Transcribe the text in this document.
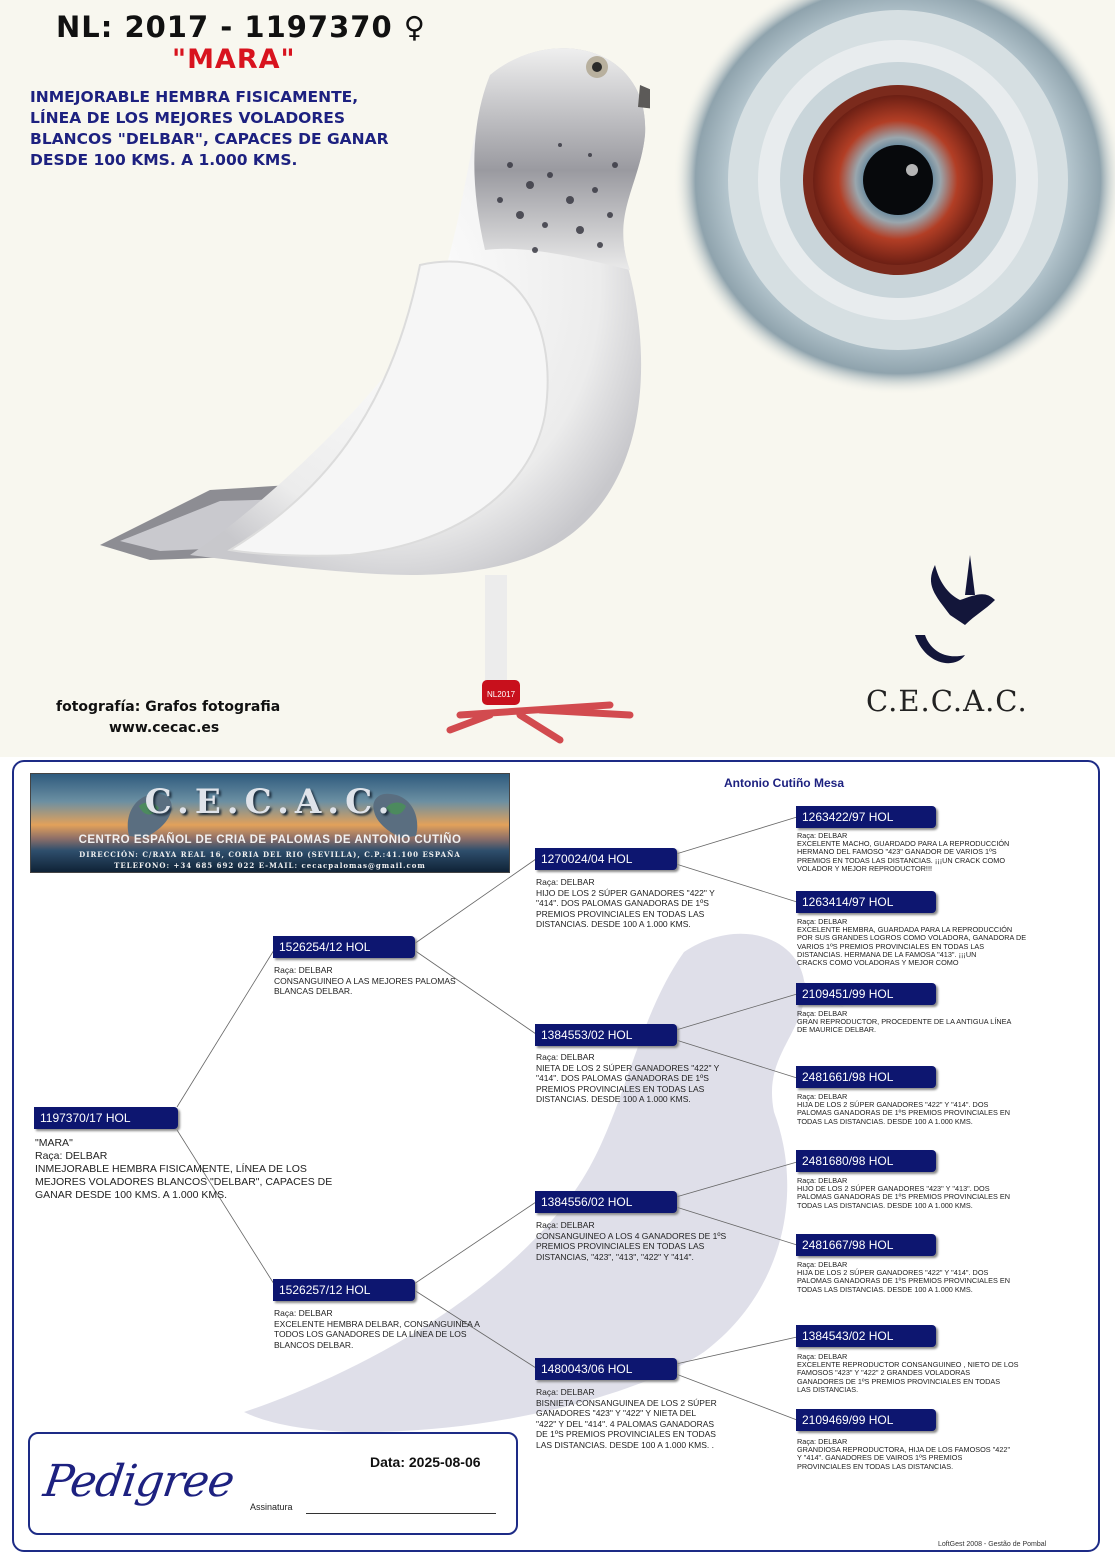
NL2017
NL: 2017 - 1197370 ♀
"MARA"
INMEJORABLE HEMBRA FISICAMENTE,
LÍNEA DE LOS MEJORES VOLADORES
BLANCOS "DELBAR", CAPACES DE GANAR
DESDE 100 KMS. A 1.000 KMS.
fotografía: Grafos fotografia
www.cecac.es
C.E.C.A.C.
Antonio Cutiño Mesa
C.E.C.A.C.
CENTRO ESPAÑOL DE CRIA DE PALOMAS DE ANTONIO CUTIÑO
DIRECCIÓN: C/RAYA REAL 16, CORIA DEL RIO (SEVILLA), C.P.:41.100 ESPAÑA
TELEFONO: +34 685 692 022 E-MAIL: cecacpalomas@gmail.com
1197370/17 HOL
"MARA"
Raça: DELBAR
INMEJORABLE HEMBRA FISICAMENTE, LÍNEA DE LOS
MEJORES VOLADORES BLANCOS "DELBAR", CAPACES DE
GANAR DESDE 100 KMS. A 1.000 KMS.
1526254/12 HOL
Raça: DELBAR
CONSANGUINEO A LAS MEJORES PALOMAS
BLANCAS DELBAR.
1526257/12 HOL
Raça: DELBAR
EXCELENTE HEMBRA DELBAR, CONSANGUINEA A
TODOS LOS GANADORES DE LA LÍNEA DE LOS
BLANCOS DELBAR.
1270024/04 HOL
Raça: DELBAR
HIJO DE LOS 2 SÚPER GANADORES "422" Y
"414". DOS PALOMAS GANADORAS DE 1ºS
PREMIOS PROVINCIALES EN TODAS LAS
DISTANCIAS. DESDE 100 A 1.000 KMS.
1384553/02 HOL
Raça: DELBAR
NIETA DE LOS 2 SÚPER GANADORES "422" Y
"414". DOS PALOMAS GANADORAS DE 1ºS
PREMIOS PROVINCIALES EN TODAS LAS
DISTANCIAS. DESDE 100 A 1.000 KMS.
1384556/02 HOL
Raça: DELBAR
CONSANGUINEO A LOS 4 GANADORES DE 1ºS
PREMIOS PROVINCIALES EN TODAS LAS
DISTANCIAS, "423", "413", "422" Y "414".
1480043/06 HOL
Raça: DELBAR
BISNIETA CONSANGUINEA DE LOS 2 SÚPER
GANADORES "423" Y "422" Y NIETA DEL
"422" Y DEL "414". 4 PALOMAS GANADORAS
DE 1ºS PREMIOS PROVINCIALES EN TODAS
LAS DISTANCIAS. DESDE 100 A 1.000 KMS. .
1263422/97 HOL
Raça: DELBAR
EXCELENTE MACHO, GUARDADO PARA LA REPRODUCCIÓN
HERMANO DEL FAMOSO "423" GANADOR DE VARIOS 1ºS
PREMIOS EN TODAS LAS DISTANCIAS. ¡¡¡UN CRACK COMO
VOLADOR Y MEJOR REPRODUCTOR!!!
1263414/97 HOL
Raça: DELBAR
EXCELENTE HEMBRA, GUARDADA PARA LA REPRODUCCIÓN
POR SUS GRANDES LOGROS COMO VOLADORA, GANADORA DE
VARIOS 1ºS PREMIOS PROVINCIALES EN TODAS LAS
DISTANCIAS. HERMANA DE LA FAMOSA "413". ¡¡¡UN
CRACKS COMO VOLADORAS Y MEJOR COMO
2109451/99 HOL
Raça: DELBAR
GRAN REPRODUCTOR, PROCEDENTE DE LA ANTIGUA LÍNEA
DE MAURICE DELBAR.
2481661/98 HOL
Raça: DELBAR
HIJA DE LOS 2 SÚPER GANADORES "422" Y "414". DOS
PALOMAS GANADORAS DE 1ºS PREMIOS PROVINCIALES EN
TODAS LAS DISTANCIAS. DESDE 100 A 1.000 KMS.
2481680/98 HOL
Raça: DELBAR
HIJO DE LOS 2 SÚPER GANADORES "423" Y "413". DOS
PALOMAS GANADORAS DE 1ºS PREMIOS PROVINCIALES EN
TODAS LAS DISTANCIAS. DESDE 100 A 1.000 KMS.
2481667/98 HOL
Raça: DELBAR
HIJA DE LOS 2 SÚPER GANADORES "422" Y "414". DOS
PALOMAS GANADORAS DE 1ºS PREMIOS PROVINCIALES EN
TODAS LAS DISTANCIAS. DESDE 100 A 1.000 KMS.
1384543/02 HOL
Raça: DELBAR
EXCELENTE REPRODUCTOR CONSANGUINEO , NIETO DE LOS
FAMOSOS "423" Y "422" 2 GRANDES VOLADORAS
GANADORES DE 1ºS PREMIOS PROVINCIALES EN TODAS
LAS DISTANCIAS.
2109469/99 HOL
Raça: DELBAR
GRANDIOSA REPRODUCTORA, HIJA DE LOS FAMOSOS "422"
Y "414". GANADORES DE VAIROS 1ºS PREMIOS
PROVINCIALES EN TODAS LAS DISTANCIAS.
Pedigree	Data: 2025-08-06
Assinatura
LoftGest 2008 - Gestão de Pombal
